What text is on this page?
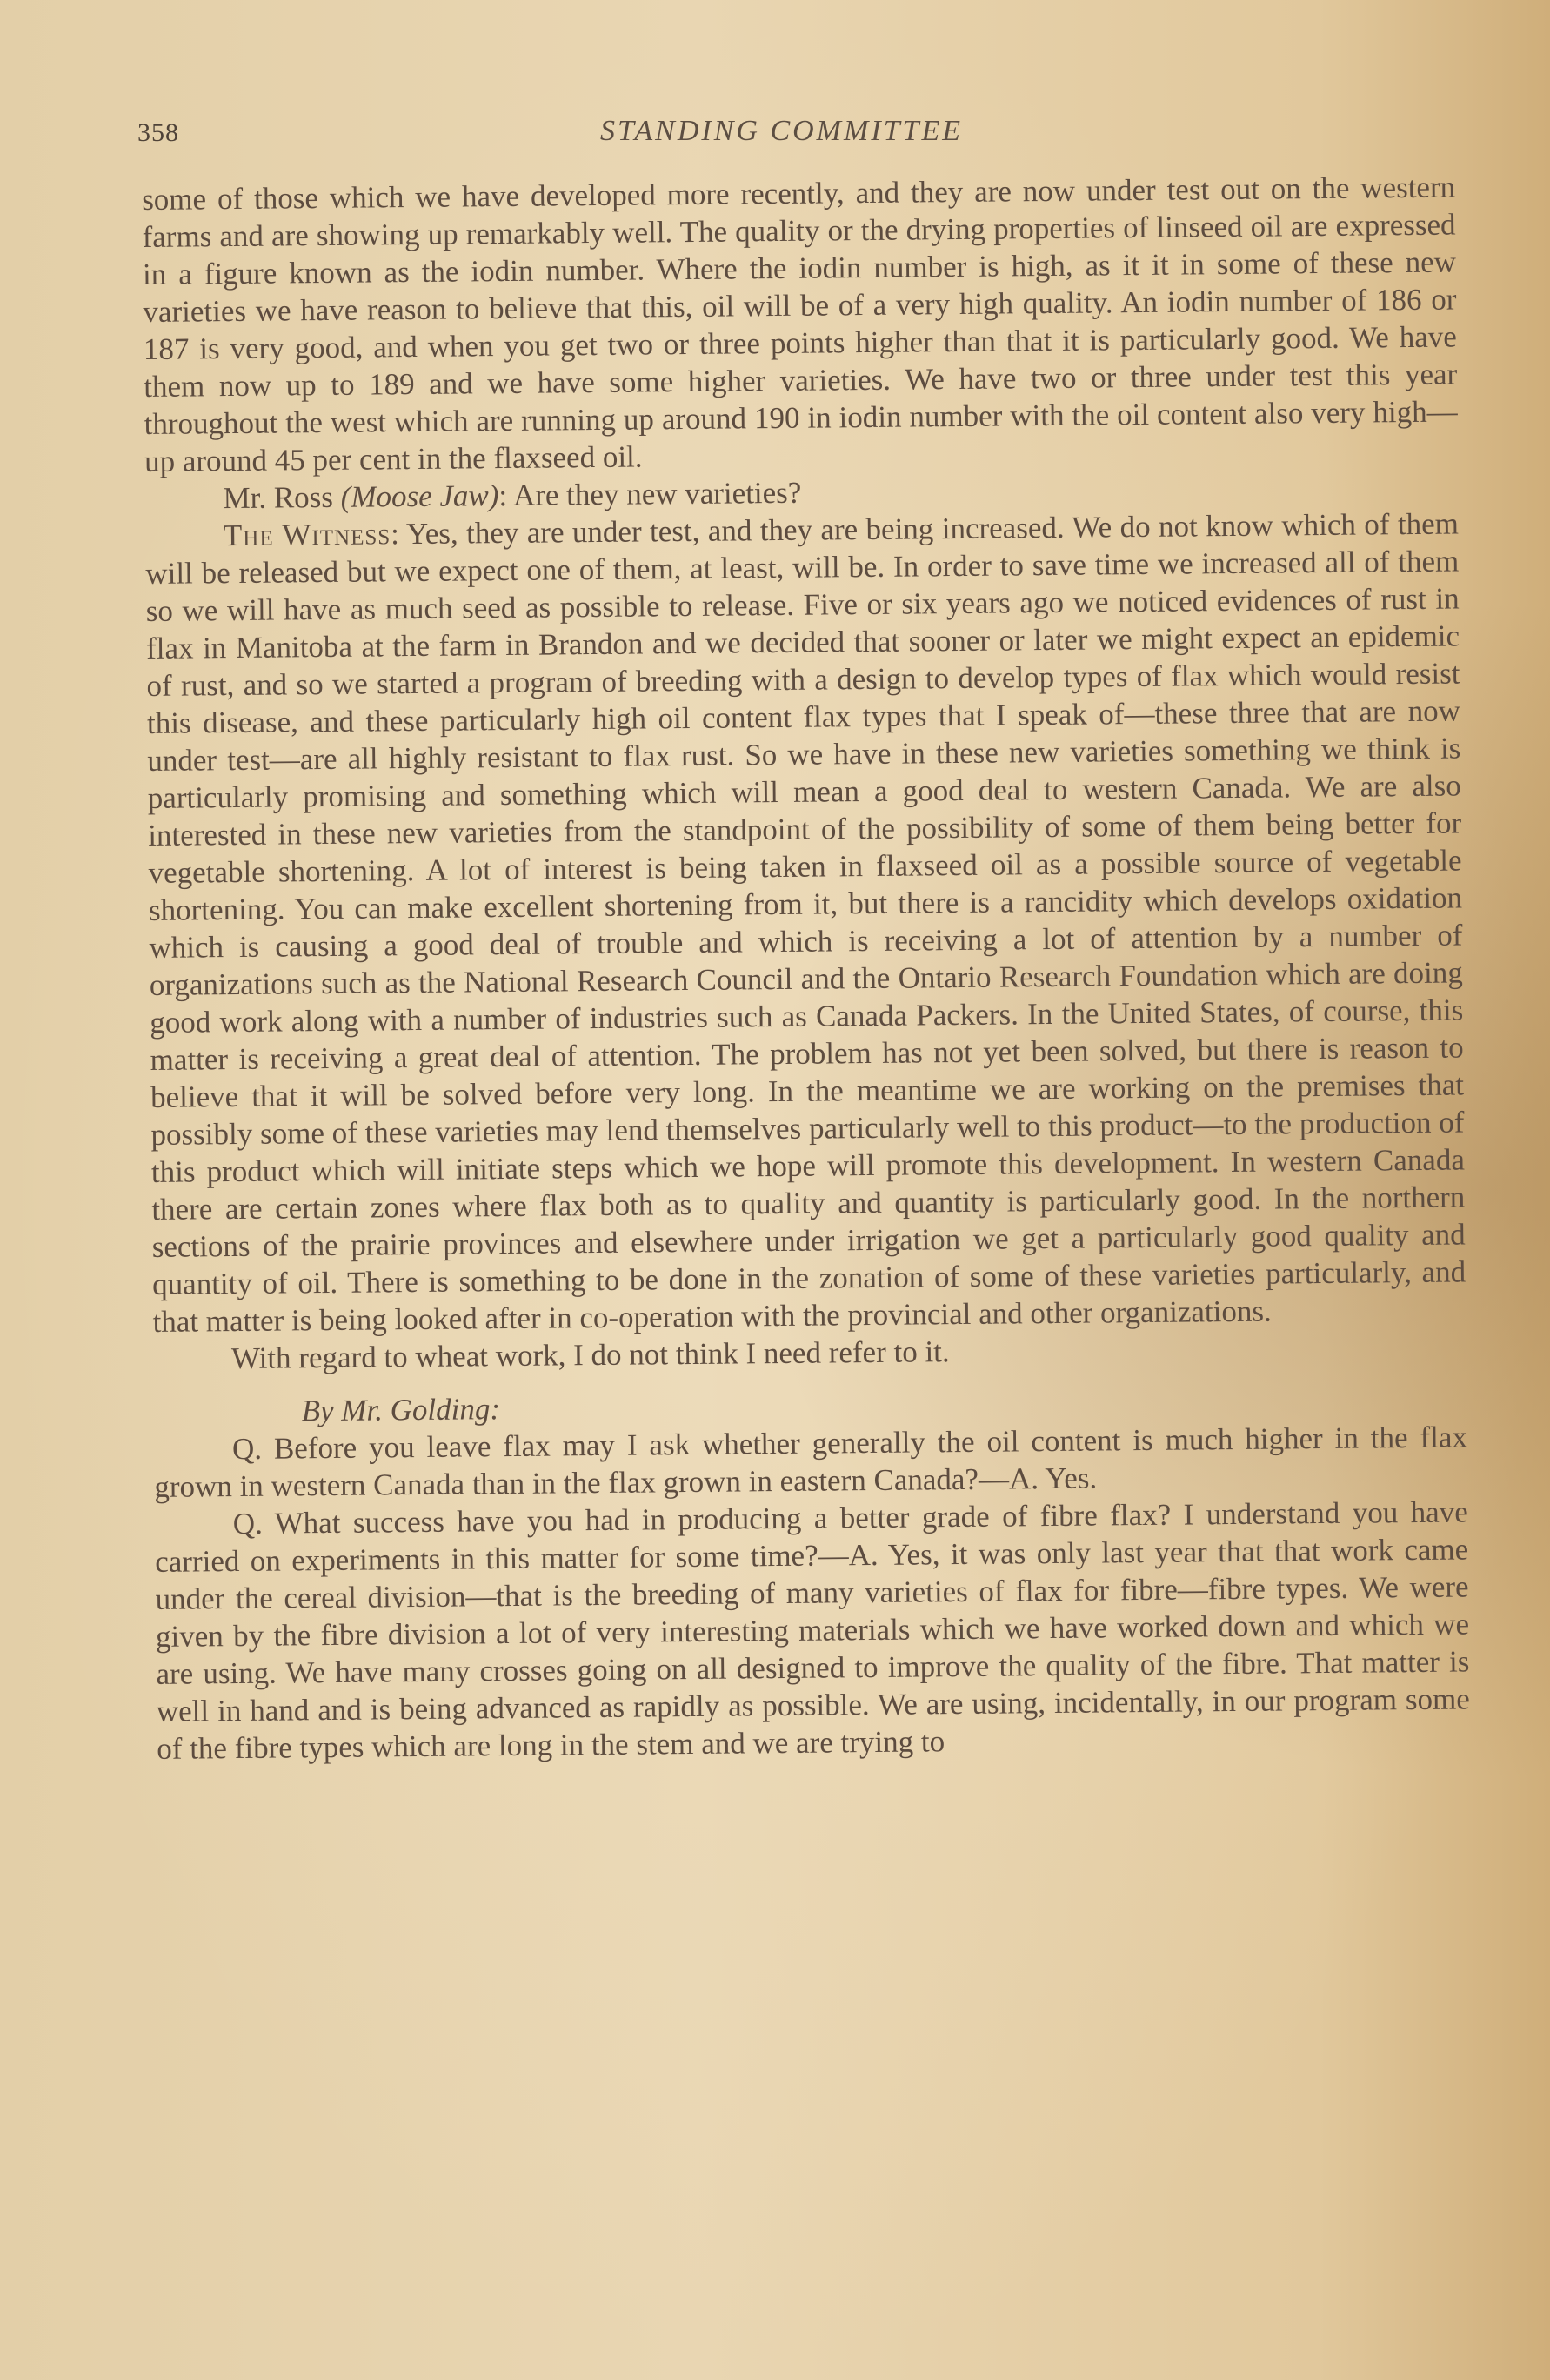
358	STANDING COMMITTEE

some of those which we have developed more recently, and they are now under test out on the western farms and are showing up remarkably well. The quality or the drying properties of linseed oil are expressed in a figure known as the iodin number. Where the iodin number is high, as it it in some of these new varieties we have reason to believe that this, oil will be of a very high quality. An iodin number of 186 or 187 is very good, and when you get two or three points higher than that it is particularly good. We have them now up to 189 and we have some higher varieties. We have two or three under test this year throughout the west which are running up around 190 in iodin number with the oil content also very high—up around 45 per cent in the flaxseed oil.

Mr. Ross (Moose Jaw): Are they new varieties?

The Witness: Yes, they are under test, and they are being increased. We do not know which of them will be released but we expect one of them, at least, will be. In order to save time we increased all of them so we will have as much seed as possible to release. Five or six years ago we noticed evidences of rust in flax in Manitoba at the farm in Brandon and we decided that sooner or later we might expect an epidemic of rust, and so we started a program of breeding with a design to develop types of flax which would resist this disease, and these particularly high oil content flax types that I speak of—these three that are now under test—are all highly resistant to flax rust. So we have in these new varieties something we think is particularly promising and something which will mean a good deal to western Canada. We are also interested in these new varieties from the standpoint of the possibility of some of them being better for vegetable shortening. A lot of interest is being taken in flaxseed oil as a possible source of vegetable shortening. You can make excellent shortening from it, but there is a rancidity which develops oxidation which is causing a good deal of trouble and which is receiving a lot of attention by a number of organizations such as the National Research Council and the Ontario Research Foundation which are doing good work along with a number of industries such as Canada Packers. In the United States, of course, this matter is receiving a great deal of attention. The problem has not yet been solved, but there is reason to believe that it will be solved before very long. In the meantime we are working on the premises that possibly some of these varieties may lend themselves particularly well to this product—to the production of this product which will initiate steps which we hope will promote this development. In western Canada there are certain zones where flax both as to quality and quantity is particularly good. In the northern sections of the prairie provinces and elsewhere under irrigation we get a particularly good quality and quantity of oil. There is something to be done in the zonation of some of these varieties particularly, and that matter is being looked after in co-operation with the provincial and other organizations.

With regard to wheat work, I do not think I need refer to it.

By Mr. Golding:

Q. Before you leave flax may I ask whether generally the oil content is much higher in the flax grown in western Canada than in the flax grown in eastern Canada?—A. Yes.

Q. What success have you had in producing a better grade of fibre flax? I understand you have carried on experiments in this matter for some time?—A. Yes, it was only last year that that work came under the cereal division—that is the breeding of many varieties of flax for fibre—fibre types. We were given by the fibre division a lot of very interesting materials which we have worked down and which we are using. We have many crosses going on all designed to improve the quality of the fibre. That matter is well in hand and is being advanced as rapidly as possible. We are using, incidentally, in our program some of the fibre types which are long in the stem and we are trying to
